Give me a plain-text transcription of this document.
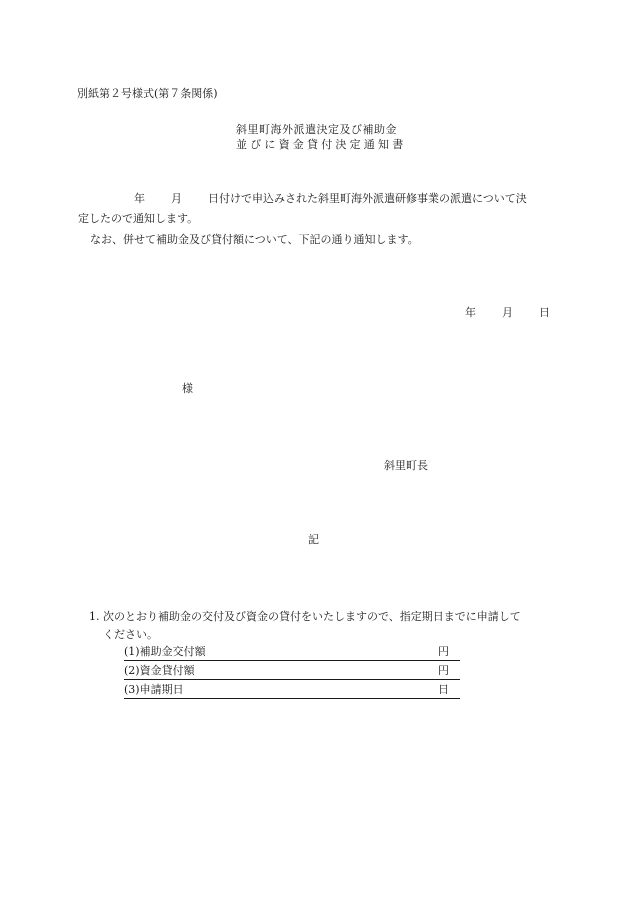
別紙第２号様式(第７条関係)
斜里町海外派遣決定及び補助金
並びに資金貸付決定通知書
年 月 日付けで申込みされた斜里町海外派遣研修事業の派遣について決
定したので通知します。
なお、併せて補助金及び貸付額について、下記の通り通知します。
年 月 日
様
斜里町長
記
1. 次のとおり補助金の交付及び資金の貸付をいたしますので、指定期日までに申請して
ください。
(1)補助金交付額	円
(2)資金貸付額	円
(3)申請期日	日
